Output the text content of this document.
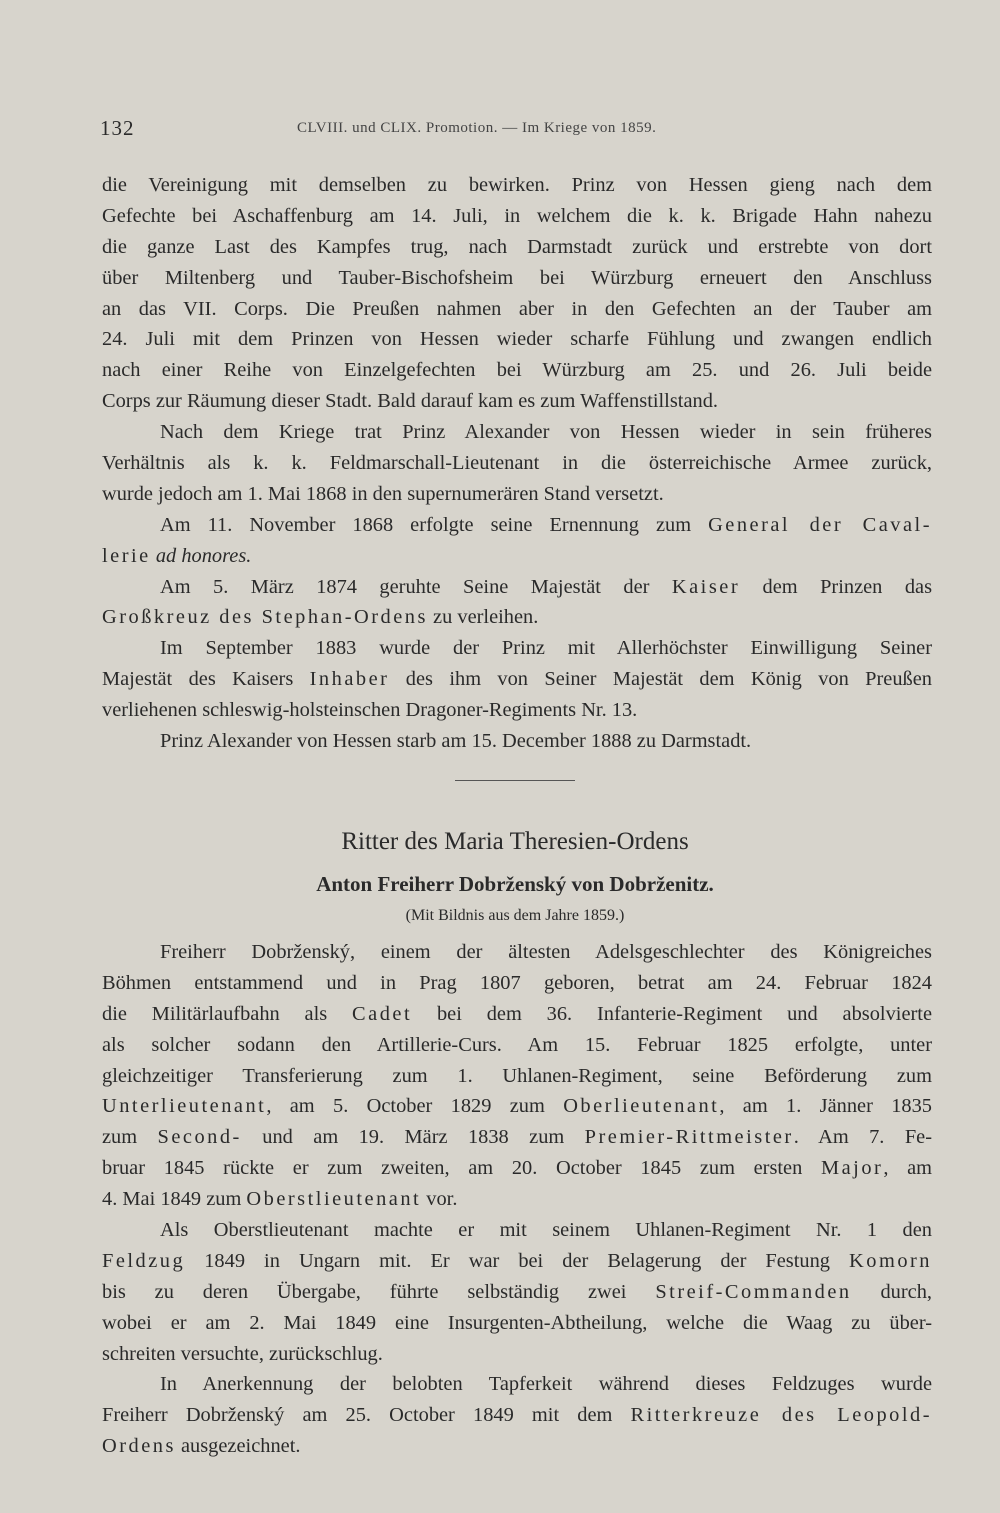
132	CLVIII. und CLIX. Promotion. — Im Kriege von 1859.
die Vereinigung mit demselben zu bewirken. Prinz von Hessen gieng nach dem
Gefechte bei Aschaffenburg am 14. Juli, in welchem die k. k. Brigade Hahn nahezu
die ganze Last des Kampfes trug, nach Darmstadt zurück und erstrebte von dort
über Miltenberg und Tauber-Bischofsheim bei Würzburg erneuert den Anschluss
an das VII. Corps. Die Preußen nahmen aber in den Gefechten an der Tauber am
24. Juli mit dem Prinzen von Hessen wieder scharfe Fühlung und zwangen endlich
nach einer Reihe von Einzelgefechten bei Würzburg am 25. und 26. Juli beide
Corps zur Räumung dieser Stadt. Bald darauf kam es zum Waffenstillstand.
Nach dem Kriege trat Prinz Alexander von Hessen wieder in sein früheres
Verhältnis als k. k. Feldmarschall-Lieutenant in die österreichische Armee zurück,
wurde jedoch am 1. Mai 1868 in den supernumerären Stand versetzt.
Am 11. November 1868 erfolgte seine Ernennung zum General der Caval-
lerie ad honores.
Am 5. März 1874 geruhte Seine Majestät der Kaiser dem Prinzen das
Großkreuz des Stephan-Ordens zu verleihen.
Im September 1883 wurde der Prinz mit Allerhöchster Einwilligung Seiner
Majestät des Kaisers Inhaber des ihm von Seiner Majestät dem König von Preußen
verliehenen schleswig-holsteinschen Dragoner-Regiments Nr. 13.
Prinz Alexander von Hessen starb am 15. December 1888 zu Darmstadt.
Ritter des Maria Theresien-Ordens
Anton Freiherr Dobrženský von Dobrženitz.
(Mit Bildnis aus dem Jahre 1859.)
Freiherr Dobrženský, einem der ältesten Adelsgeschlechter des Königreiches
Böhmen entstammend und in Prag 1807 geboren, betrat am 24. Februar 1824
die Militärlaufbahn als Cadet bei dem 36. Infanterie-Regiment und absolvierte
als solcher sodann den Artillerie-Curs. Am 15. Februar 1825 erfolgte, unter
gleichzeitiger Transferierung zum 1. Uhlanen-Regiment, seine Beförderung zum
Unterlieutenant, am 5. October 1829 zum Oberlieutenant, am 1. Jänner 1835
zum Second- und am 19. März 1838 zum Premier-Rittmeister. Am 7. Fe-
bruar 1845 rückte er zum zweiten, am 20. October 1845 zum ersten Major, am
4. Mai 1849 zum Oberstlieutenant vor.
Als Oberstlieutenant machte er mit seinem Uhlanen-Regiment Nr. 1 den
Feldzug 1849 in Ungarn mit. Er war bei der Belagerung der Festung Komorn
bis zu deren Übergabe, führte selbständig zwei Streif-Commanden durch,
wobei er am 2. Mai 1849 eine Insurgenten-Abtheilung, welche die Waag zu über-
schreiten versuchte, zurückschlug.
In Anerkennung der belobten Tapferkeit während dieses Feldzuges wurde
Freiherr Dobrženský am 25. October 1849 mit dem Ritterkreuze des Leopold-
Ordens ausgezeichnet.
